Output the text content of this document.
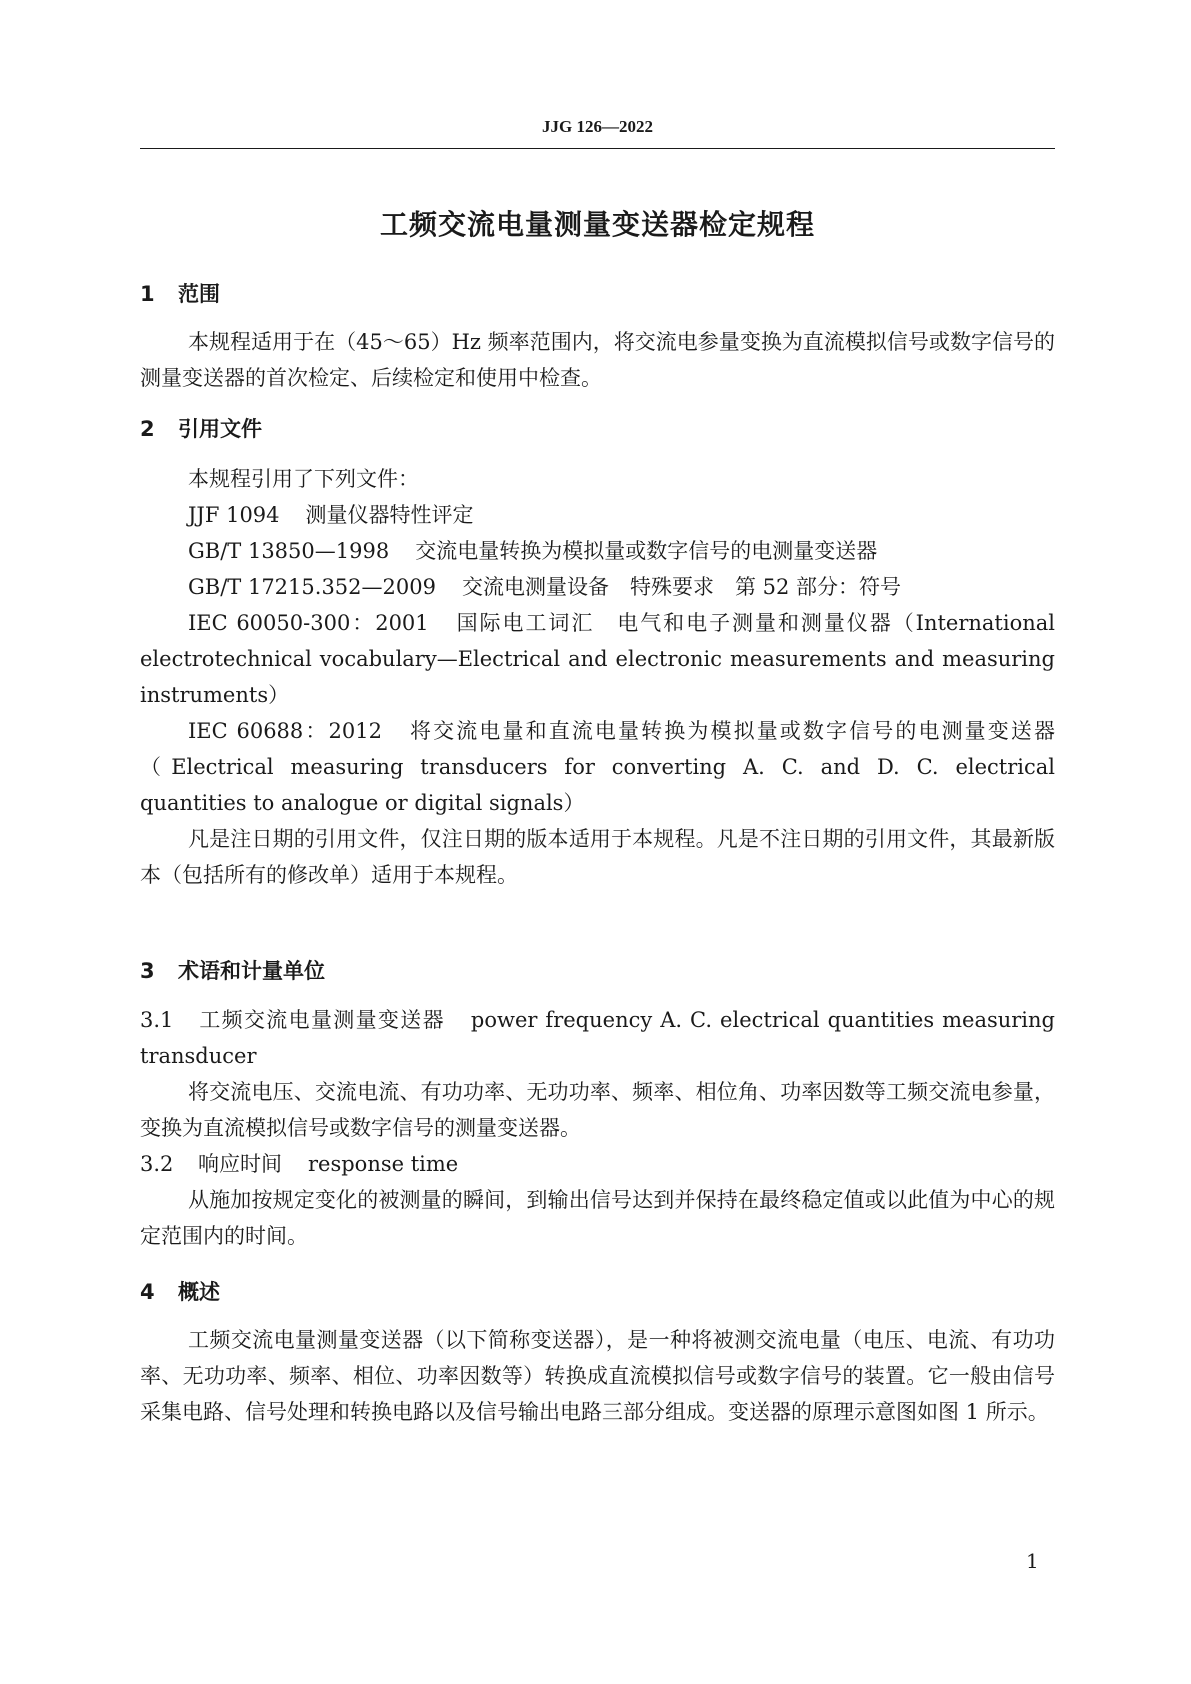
JJG 126—2022
工频交流电量测量变送器检定规程
1 范围
本规程适用于在（45～65）Hz 频率范围内，将交流电参量变换为直流模拟信号或数字信号的测量变送器的首次检定、后续检定和使用中检查。
2 引用文件
本规程引用了下列文件：
JJF 1094 测量仪器特性评定
GB/T 13850—1998 交流电量转换为模拟量或数字信号的电测量变送器
GB/T 17215.352—2009 交流电测量设备　特殊要求　第 52 部分：符号
IEC 60050-300：2001 国际电工词汇　电气和电子测量和测量仪器（International electrotechnical vocabulary—Electrical and electronic measurements and measuring instruments）
IEC 60688：2012 将交流电量和直流电量转换为模拟量或数字信号的电测量变送器（Electrical measuring transducers for converting A. C. and D. C. electrical quantities to analogue or digital signals）
凡是注日期的引用文件，仅注日期的版本适用于本规程。凡是不注日期的引用文件，其最新版本（包括所有的修改单）适用于本规程。
3 术语和计量单位
3.1 工频交流电量测量变送器 power frequency A. C. electrical quantities measuring transducer
将交流电压、交流电流、有功功率、无功功率、频率、相位角、功率因数等工频交流电参量，变换为直流模拟信号或数字信号的测量变送器。
3.2 响应时间 response time
从施加按规定变化的被测量的瞬间，到输出信号达到并保持在最终稳定值或以此值为中心的规定范围内的时间。
4 概述
工频交流电量测量变送器（以下简称变送器），是一种将被测交流电量（电压、电流、有功功率、无功功率、频率、相位、功率因数等）转换成直流模拟信号或数字信号的装置。它一般由信号采集电路、信号处理和转换电路以及信号输出电路三部分组成。变送器的原理示意图如图 1 所示。
1
